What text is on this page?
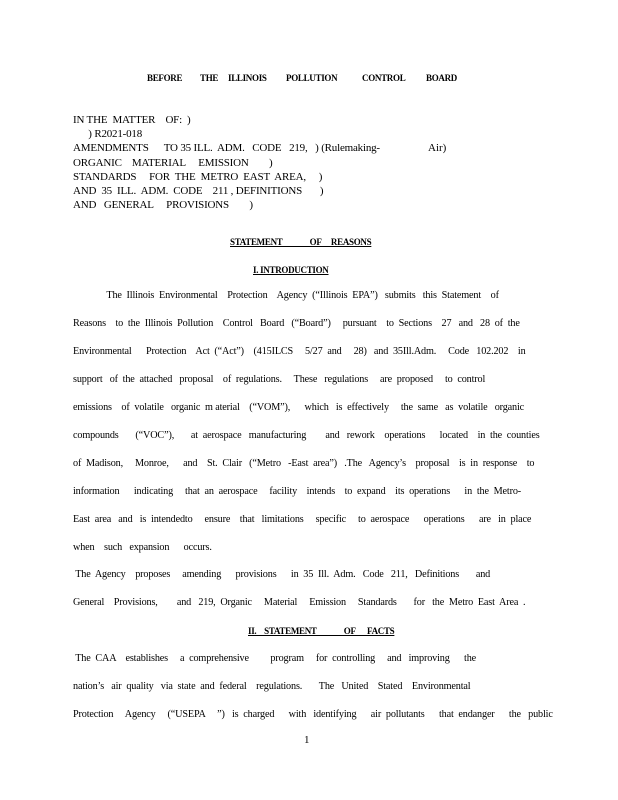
BEFORE THE ILLINOIS POLLUTION	CONTROL BOARD
IN THE  MATTER    OF:  )
) R2021-018
AMENDMENTS      TO 35 ILL.  ADM.   CODE   219,   ) (Rulemaking-
ORGANIC    MATERIAL     EMISSION        )
STANDARDS     FOR  THE  METRO  EAST  AREA,     )
AND  35  ILL.  ADM.  CODE    211 , DEFINITIONS       )
AND   GENERAL     PROVISIONS        )
Air)
STATEMENT              OF     REASONS
I. INTRODUCTION
The  Illinois  Environmental    Protection    Agency  (“Illinois  EPA”)   submits   this  Statement    of
Reasons    to  the  Illinois  Pollution    Control   Board   (“Board”)     pursuant    to  Sections    27   and   28  of  the
Environmental      Protection    Act  (“Act”)    (415ILCS     5/27  and     28)   and  35Ill.Adm.     Code   102.202    in
support   of  the  attached   proposal    of  regulations.     These   regulations     are  proposed     to  control
emissions    of  volatile   organic  m aterial    (“VOM”),      which   is  effectively     the  same   as  volatile   organic
compounds       (“VOC”),       at  aerospace   manufacturing        and   rework    operations      located    in  the  counties
of  Madison,     Monroe,      and    St.  Clair   (“Metro   -East  area”)   .The   Agency’s    proposal    is  in  response    to
information      indicating     that  an  aerospace     facility    intends    to  expand    its  operations      in  the  Metro-
East  area   and   is  intendedto     ensure    that   limitations     specific     to  aerospace      operations      are   in  place
when    such   expansion      occurs.
The  Agency    proposes     amending      provisions      in  35  Ill.  Adm.   Code   211,   Definitions       and
General    Provisions,        and   219,  Organic     Material     Emission     Standards       for   the  Metro  East  Area  .
II.    STATEMENT              OF      FACTS
The  CAA    establishes     a  comprehensive         program     for  controlling     and   improving      the
nation’s   air  quality   via  state  and  federal    regulations.       The   United    Stated    Environmental
Protection     Agency     (“USEPA     ”)   is  charged      with   identifying      air  pollutants      that  endanger      the   public
1
